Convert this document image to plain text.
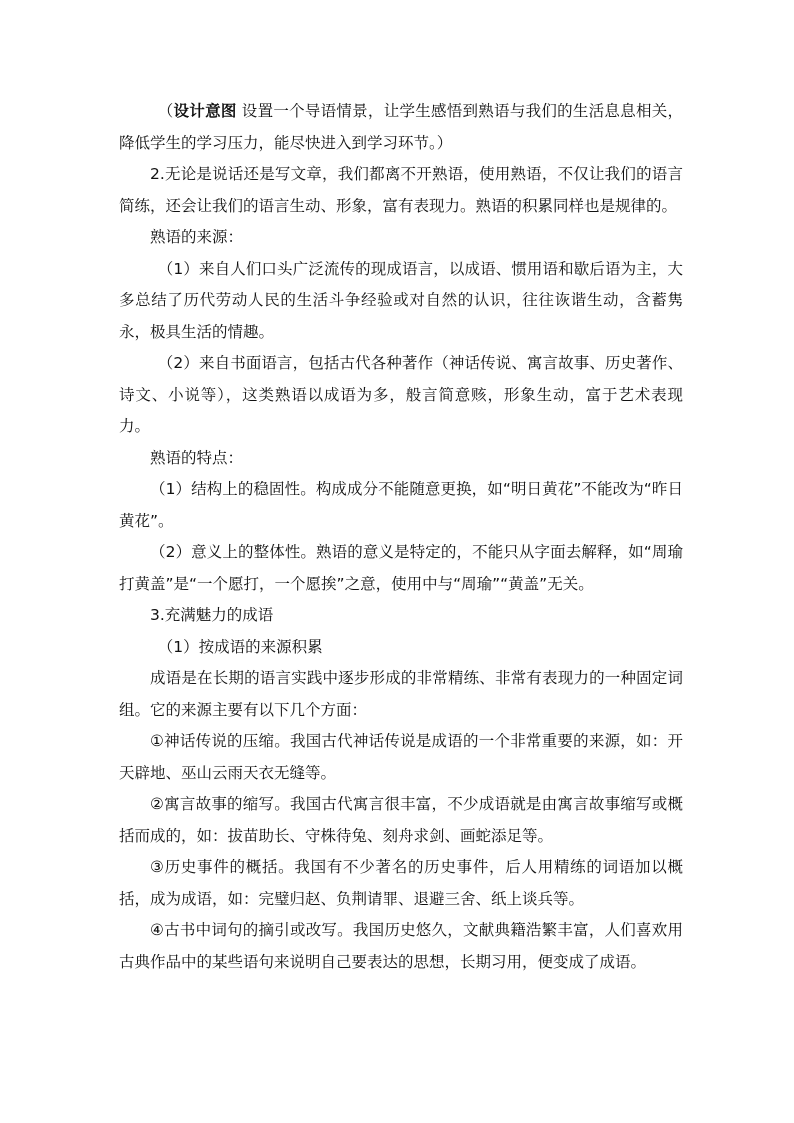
（设计意图 设置一个导语情景，让学生感悟到熟语与我们的生活息息相关，降低学生的学习压力，能尽快进入到学习环节。）

2.无论是说话还是写文章，我们都离不开熟语，使用熟语，不仅让我们的语言简练，还会让我们的语言生动、形象，富有表现力。熟语的积累同样也是规律的。

熟语的来源：

（1）来自人们口头广泛流传的现成语言，以成语、惯用语和歇后语为主，大多总结了历代劳动人民的生活斗争经验或对自然的认识，往往诙谐生动，含蓄隽永，极具生活的情趣。

（2）来自书面语言，包括古代各种著作（神话传说、寓言故事、历史著作、诗文、小说等），这类熟语以成语为多，般言简意赅，形象生动，富于艺术表现力。

熟语的特点：

（1）结构上的稳固性。构成成分不能随意更换，如“明日黄花”不能改为“昨日黄花”。

（2）意义上的整体性。熟语的意义是特定的，不能只从字面去解释，如“周瑜打黄盖”是“一个愿打，一个愿挨”之意，使用中与“周瑜”“黄盖”无关。

3.充满魅力的成语

（1）按成语的来源积累

成语是在长期的语言实践中逐步形成的非常精练、非常有表现力的一种固定词组。它的来源主要有以下几个方面：

①神话传说的压缩。我国古代神话传说是成语的一个非常重要的来源，如：开天辟地、巫山云雨天衣无缝等。

②寓言故事的缩写。我国古代寓言很丰富，不少成语就是由寓言故事缩写或概括而成的，如：拔苗助长、守株待兔、刻舟求剑、画蛇添足等。

③历史事件的概括。我国有不少著名的历史事件，后人用精练的词语加以概括，成为成语，如：完璧归赵、负荆请罪、退避三舍、纸上谈兵等。

④古书中词句的摘引或改写。我国历史悠久，文献典籍浩繁丰富，人们喜欢用古典作品中的某些语句来说明自己要表达的思想，长期习用，便变成了成语。
